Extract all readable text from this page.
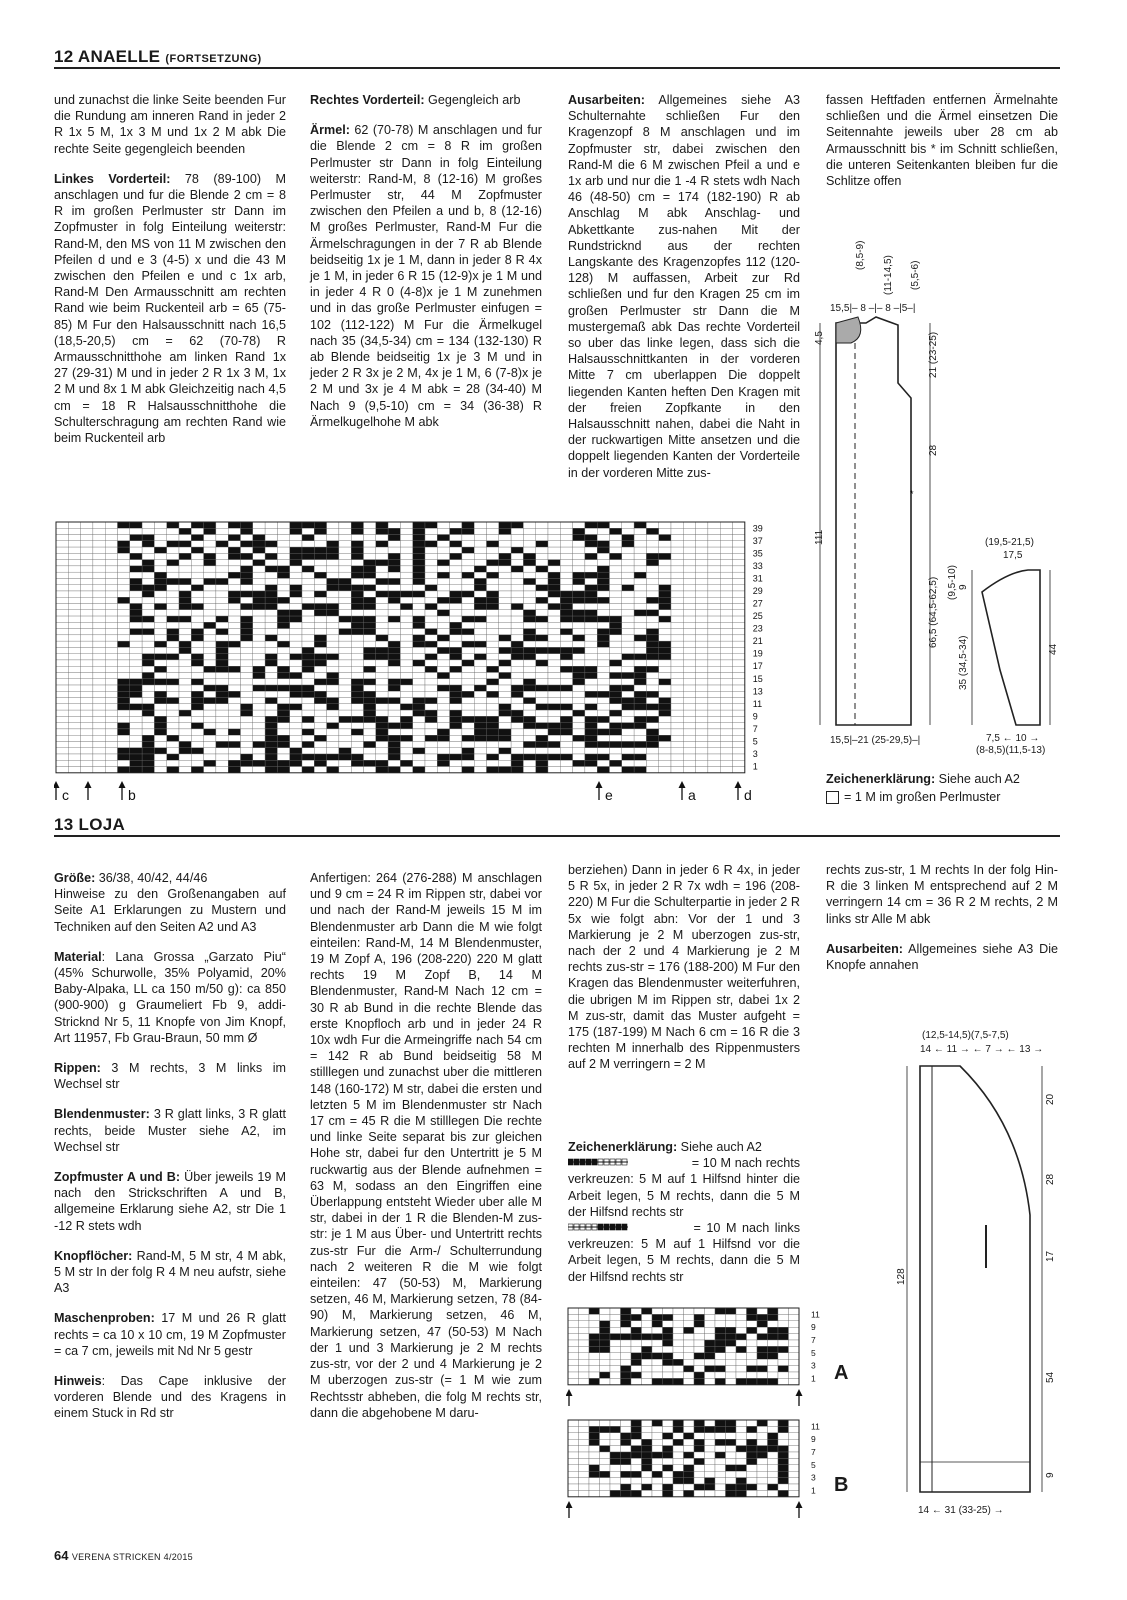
12 ANAELLE (FORTSETZUNG)
und zunachst die linke Seite beenden Fur die Rundung am inneren Rand in jeder 2 R 1x 5 M, 1x 3 M und 1x 2 M abk Die rechte Seite gegengleich beenden
Linkes Vorderteil: 78 (89-100) M anschlagen und fur die Blende 2 cm = 8 R im großen Perlmuster str Dann im Zopfmuster in folg Einteilung weiterstr: Rand-M, den MS von 11 M zwischen den Pfeilen d und e 3 (4-5) x und die 43 M zwischen den Pfeilen e und c 1x arb, Rand-M Den Armausschnitt am rechten Rand wie beim Ruckenteil arb = 65 (75-85) M Fur den Halsausschnitt nach 16,5 (18,5-20,5) cm = 62 (70-78) R Armausschnitthohe am linken Rand 1x 27 (29-31) M und in jeder 2 R 1x 3 M, 1x 2 M und 8x 1 M abk Gleichzeitig nach 4,5 cm = 18 R Halsausschnitthohe die Schulterschragung am rechten Rand wie beim Ruckenteil arb
Rechtes Vorderteil: Gegengleich arb
Ärmel: 62 (70-78) M anschlagen und fur die Blende 2 cm = 8 R im großen Perlmuster str Dann in folg Einteilung weiterstr: Rand-M, 8 (12-16) M großes Perlmuster str, 44 M Zopfmuster zwischen den Pfeilen a und b, 8 (12-16) M großes Perlmuster, Rand-M Fur die Ärmelschragungen in der 7 R ab Blende beidseitig 1x je 1 M, dann in jeder 8 R 4x je 1 M, in jeder 6 R 15 (12-9)x je 1 M und in jeder 4 R 0 (4-8)x je 1 M zunehmen und in das große Perlmuster einfugen = 102 (112-122) M Fur die Ärmelkugel nach 35 (34,5-34) cm = 134 (132-130) R ab Blende beidseitig 1x je 3 M und in jeder 2 R 3x je 2 M, 4x je 1 M, 6 (7-8)x je 2 M und 3x je 4 M abk = 28 (34-40) M Nach 9 (9,5-10) cm = 34 (36-38) R Ärmelkugelhohe M abk
Ausarbeiten: Allgemeines siehe A3 Schulternahte schließen Fur den Kragenzopf 8 M anschlagen und im Zopfmuster str, dabei zwischen den Rand-M die 6 M zwischen Pfeil a und e 1x arb und nur die 1 -4 R stets wdh Nach 46 (48-50) cm = 174 (182-190) R ab Anschlag M abk Anschlag- und Abkettkante zus-nahen Mit der Rundstricknd aus der rechten Langskante des Kragenzopfes 112 (120-128) M auffassen, Arbeit zur Rd schließen und fur den Kragen 25 cm im großen Perlmuster str Dann die M mustergemaß abk Das rechte Vorderteil so uber das linke legen, dass sich die Halsausschnittkanten in der vorderen Mitte 7 cm uberlappen Die doppelt liegenden Kanten heften Den Kragen mit der freien Zopfkante in den Halsausschnitt nahen, dabei die Naht in der ruckwartigen Mitte ansetzen und die doppelt liegenden Kanten der Vorderteile in der vorderen Mitte zus-
fassen Heftfaden entfernen Ärmelnahte schließen und die Ärmel einsetzen Die Seitennahte jeweils uber 28 cm ab Armausschnitt bis * im Schnitt schließen, die unteren Seitenkanten bleiben fur die Schlitze offen
39
37
35
33
31
29
27
25
23
21
19
17
15
13
11
9
7
5
3
1
c	b	e	a	d
*
15,5|– 8 –|– 8 –|5–|
(8,5-9) (11-14,5) (5,5-6)
4,5
111
21 (23-25)
28
66,5 (64,5-62,5)
15,5|–21 (25-29,5)–|
(19,5-21,5)
17,5
(9,5-10) 9
35 (34,5-34)	44
7,5 ← 10 →
(8-8,5)(11,5-13)
Zeichenerklärung: Siehe auch A2
= 1 M im großen Perlmuster
13 LOJA
Größe: 36/38, 40/42, 44/46
Hinweise zu den Großenangaben auf Seite A1 Erklarungen zu Mustern und Techniken auf den Seiten A2 und A3
Material: Lana Grossa „Garzato Piu“ (45% Schurwolle, 35% Polyamid, 20% Baby-Alpaka, LL ca 150 m/50 g): ca 850 (900-900) g Graumeliert Fb 9, addi-Stricknd Nr 5, 11 Knopfe von Jim Knopf, Art 11957, Fb Grau-Braun, 50 mm Ø
Rippen: 3 M rechts, 3 M links im Wechsel str
Blendenmuster: 3 R glatt links, 3 R glatt rechts, beide Muster siehe A2, im Wechsel str
Zopfmuster A und B: Über jeweils 19 M nach den Strickschriften A und B, allgemeine Erklarung siehe A2, str Die 1 -12 R stets wdh
Knopflöcher: Rand-M, 5 M str, 4 M abk, 5 M str In der folg R 4 M neu aufstr, siehe A3
Maschenproben: 17 M und 26 R glatt rechts = ca 10 x 10 cm, 19 M Zopfmuster = ca 7 cm, jeweils mit Nd Nr 5 gestr
Hinweis: Das Cape inklusive der vorderen Blende und des Kragens in einem Stuck in Rd str
Anfertigen: 264 (276-288) M anschlagen und 9 cm = 24 R im Rippen str, dabei vor und nach der Rand-M jeweils 15 M im Blendenmuster arb Dann die M wie folgt einteilen: Rand-M, 14 M Blendenmuster, 19 M Zopf A, 196 (208-220) 220 M glatt rechts 19 M Zopf B, 14 M Blendenmuster, Rand-M Nach 12 cm = 30 R ab Bund in die rechte Blende das erste Knopfloch arb und in jeder 24 R 10x wdh Fur die Armeingriffe nach 54 cm = 142 R ab Bund beidseitig 58 M stilllegen und zunachst uber die mittleren 148 (160-172) M str, dabei die ersten und letzten 5 M im Blendenmuster str Nach 17 cm = 45 R die M stilllegen Die rechte und linke Seite separat bis zur gleichen Hohe str, dabei fur den Untertritt je 5 M ruckwartig aus der Blende aufnehmen = 63 M, sodass an den Eingriffen eine Überlappung entsteht Wieder uber alle M str, dabei in der 1 R die Blenden-M zus-str: je 1 M aus Über- und Untertritt rechts zus-str Fur die Arm-/ Schulterrundung nach 2 weiteren R die M wie folgt einteilen: 47 (50-53) M, Markierung setzen, 46 M, Markierung setzen, 78 (84-90) M, Markierung setzen, 46 M, Markierung setzen, 47 (50-53) M Nach der 1 und 3 Markierung je 2 M rechts zus-str, vor der 2 und 4 Markierung je 2 M uberzogen zus-str (= 1 M wie zum Rechtsstr abheben, die folg M rechts str, dann die abgehobene M daru-
berziehen) Dann in jeder 6 R 4x, in jeder 5 R 5x, in jeder 2 R 7x wdh = 196 (208-220) M Fur die Schulterpartie in jeder 2 R 5x wie folgt abn: Vor der 1 und 3 Markierung je 2 M uberzogen zus-str, nach der 2 und 4 Markierung je 2 M rechts zus-str = 176 (188-200) M Fur den Kragen das Blendenmuster weiterfuhren, die ubrigen M im Rippen str, dabei 1x 2 M zus-str, damit das Muster aufgeht = 175 (187-199) M Nach 6 cm = 16 R die 3 rechten M innerhalb des Rippenmusters auf 2 M verringern = 2 M
Zeichenerklärung: Siehe auch A2
= 10 M nach rechts verkreuzen: 5 M auf 1 Hilfsnd hinter die Arbeit legen, 5 M rechts, dann die 5 M der Hilfsnd rechts str
= 10 M nach links verkreuzen: 5 M auf 1 Hilfsnd vor die Arbeit legen, 5 M rechts, dann die 5 M der Hilfsnd rechts str
11
9
7
5
3
1
11
9
7
5
3
1
A
B
rechts zus-str, 1 M rechts In der folg Hin-R die 3 linken M entsprechend auf 2 M verringern 14 cm = 36 R 2 M rechts, 2 M links str Alle M abk
Ausarbeiten: Allgemeines siehe A3 Die Knopfe annahen
(12,5-14,5)(7,5-7,5)
14 ← 11 → ← 7 → ← 13 →
128
20
28
17
54
9
14 ← 31 (33-25) →
64 VERENA STRICKEN 4/2015
